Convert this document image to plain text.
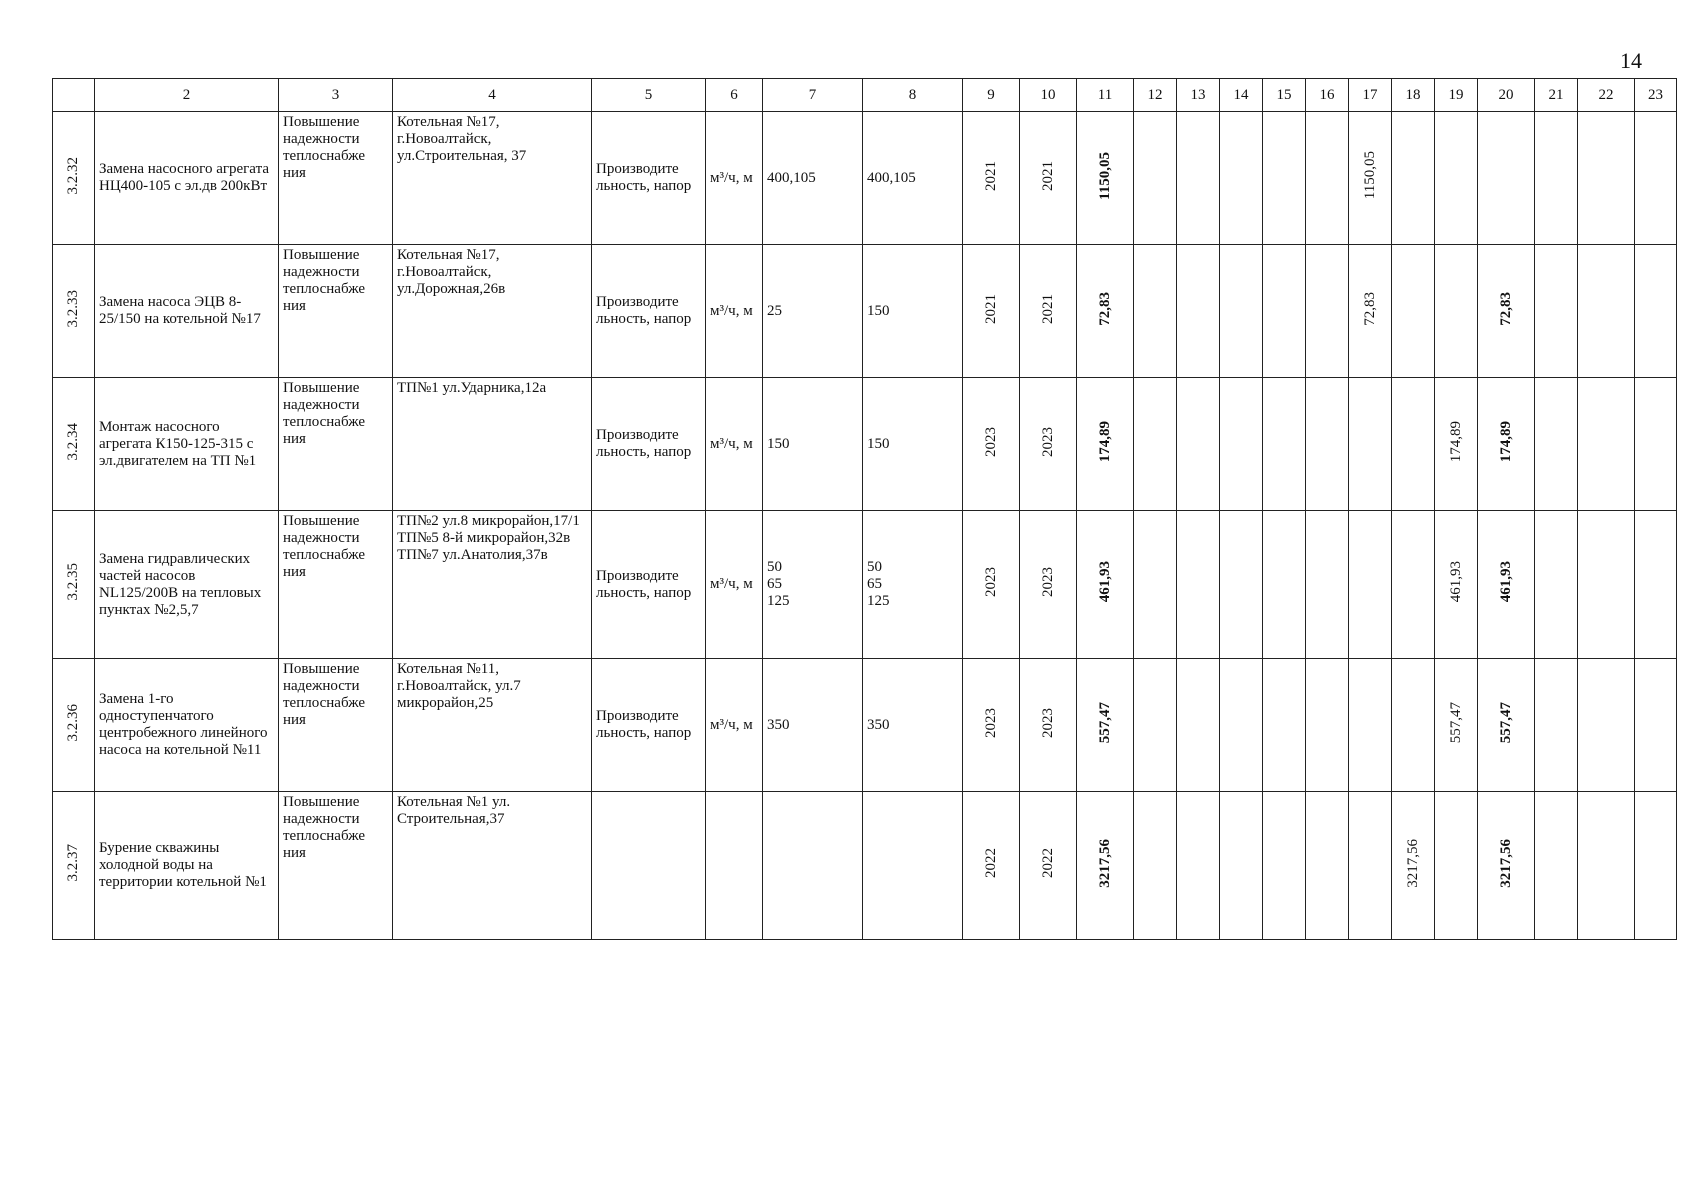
14
	2	3	4	5	6	7	8	9	10	11	12	13	14	15	16	17	18	19	20	21	22	23
3.2.32	Замена насосного агрегата НЦ400-105 с эл.дв 200кВт	Повышение надежности теплоснабже ния	Котельная №17, г.Новоалтайск, ул.Строительная, 37	Производите льность, напор	м³/ч, м	400,105	400,105	2021	2021	1150,05						1150,05						
3.2.33	Замена насоса ЭЦВ 8-25/150 на котельной №17	Повышение надежности теплоснабже ния	Котельная №17, г.Новоалтайск, ул.Дорожная,26в	Производите льность, напор	м³/ч, м	25	150	2021	2021	72,83						72,83			72,83			
3.2.34	Монтаж насосного агрегата К150-125-315 с эл.двигателем на ТП №1	Повышение надежности теплоснабже ния	ТП№1 ул.Ударника,12а	Производите льность, напор	м³/ч, м	150	150	2023	2023	174,89								174,89	174,89			
3.2.35	Замена гидравлических частей насосов NL125/200В на тепловых пунктах №2,5,7	Повышение надежности теплоснабже ния	ТП№2 ул.8 микрорайон,17/1 ТП№5 8-й микрорайон,32в ТП№7 ул.Анатолия,37в	Производите льность, напор	м³/ч, м	50
65
125	50
65
125	2023	2023	461,93								461,93	461,93			
3.2.36	Замена 1-го одноступенчатого центробежного линейного насоса на котельной №11	Повышение надежности теплоснабже ния	Котельная №11, г.Новоалтайск, ул.7 микрорайон,25	Производите льность, напор	м³/ч, м	350	350	2023	2023	557,47								557,47	557,47			
3.2.37	Бурение скважины холодной воды на территории котельной №1	Повышение надежности теплоснабже ния	Котельная №1 ул. Строительная,37					2022	2022	3217,56							3217,56		3217,56			
